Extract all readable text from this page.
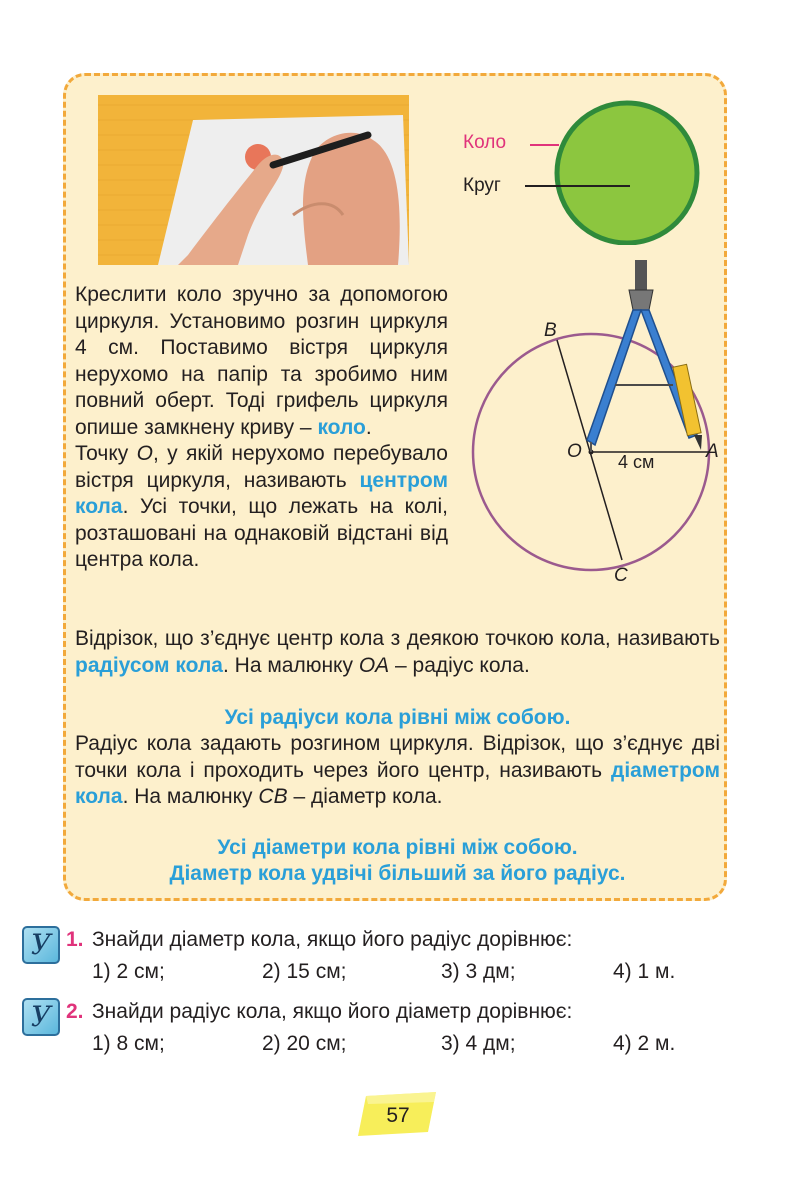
Коло
Круг
B
O	A
C
4 см
Креслити коло зручно за допомогою циркуля. Установимо розгин циркуля 4 см. Поставимо вістря циркуля нерухомо на папір та зробимо ним повний оберт. Тоді грифель циркуля опише замкнену криву – коло.
Точку O, у якій нерухомо перебувало вістря циркуля, називають центром кола. Усі точки, що лежать на колі, розташовані на однаковій відстані від центра кола.
Відрізок, що з’єднує центр кола з деякою точкою кола, називають радіусом кола. На малюнку OA – радіус кола.
Усі радіуси кола рівні між собою.
Радіус кола задають розгином циркуля. Відрізок, що з’єднує дві точки кола і проходить через його центр, називають діаметром кола. На малюнку CB – діаметр кола.
Усі діаметри кола рівні між собою.
Діаметр кола удвічі більший за його радіус.
У 1. Знайди діаметр кола, якщо його радіус дорівнює:
1) 2 см;	2) 15 см;	3) 3 дм;	4) 1 м.
У 2. Знайди радіус кола, якщо його діаметр дорівнює:
1) 8 см;	2) 20 см;	3) 4 дм;	4) 2 м.
57
